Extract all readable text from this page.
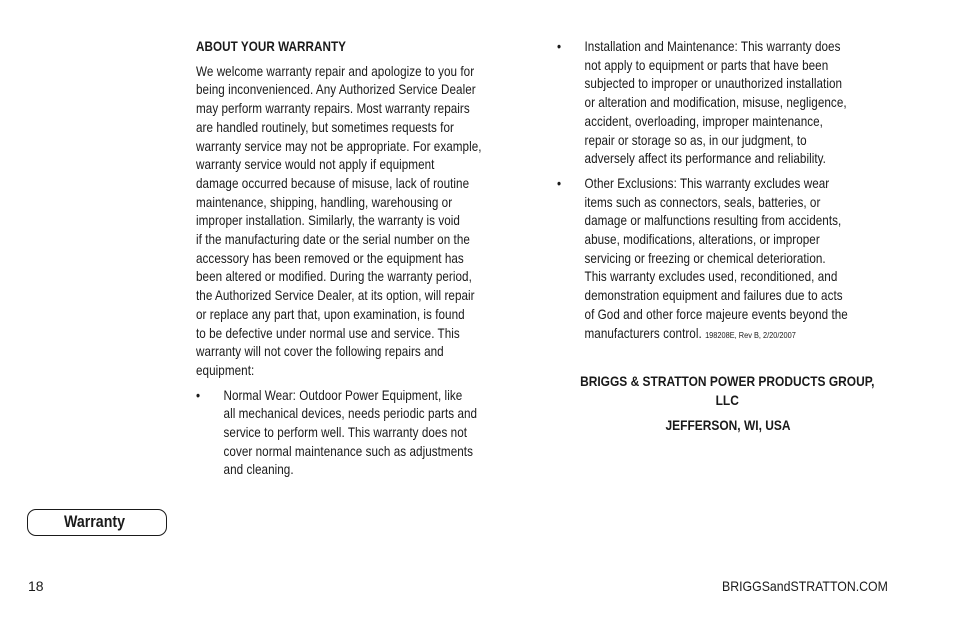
ABOUT YOUR WARRANTY

We welcome warranty repair and apologize to you for
being inconvenienced. Any Authorized Service Dealer
may perform warranty repairs. Most warranty repairs
are handled routinely, but sometimes requests for
warranty service may not be appropriate. For example,
warranty service would not apply if equipment
damage occurred because of misuse, lack of routine
maintenance, shipping, handling, warehousing or
improper installation. Similarly, the warranty is void
if the manufacturing date or the serial number on the
accessory has been removed or the equipment has
been altered or modified. During the warranty period,
the Authorized Service Dealer, at its option, will repair
or replace any part that, upon examination, is found
to be defective under normal use and service. This
warranty will not cover the following repairs and
equipment:

•	Normal Wear: Outdoor Power Equipment, like
all mechanical devices, needs periodic parts and
service to perform well. This warranty does not
cover normal maintenance such as adjustments
and cleaning.
•	Installation and Maintenance: This warranty does
not apply to equipment or parts that have been
subjected to improper or unauthorized installation
or alteration and modification, misuse, negligence,
accident, overloading, improper maintenance,
repair or storage so as, in our judgment, to
adversely affect its performance and reliability.
•	Other Exclusions: This warranty excludes wear
items such as connectors, seals, batteries, or
damage or malfunctions resulting from accidents,
abuse, modifications, alterations, or improper
servicing or freezing or chemical deterioration.
This warranty excludes used, reconditioned, and
demonstration equipment and failures due to acts
of God and other force majeure events beyond the
manufacturers control. 198208E, Rev B, 2/20/2007
BRIGGS & STRATTON POWER PRODUCTS GROUP,
LLC
JEFFERSON, WI, USA
Warranty
18	BRIGGSandSTRATTON.COM
